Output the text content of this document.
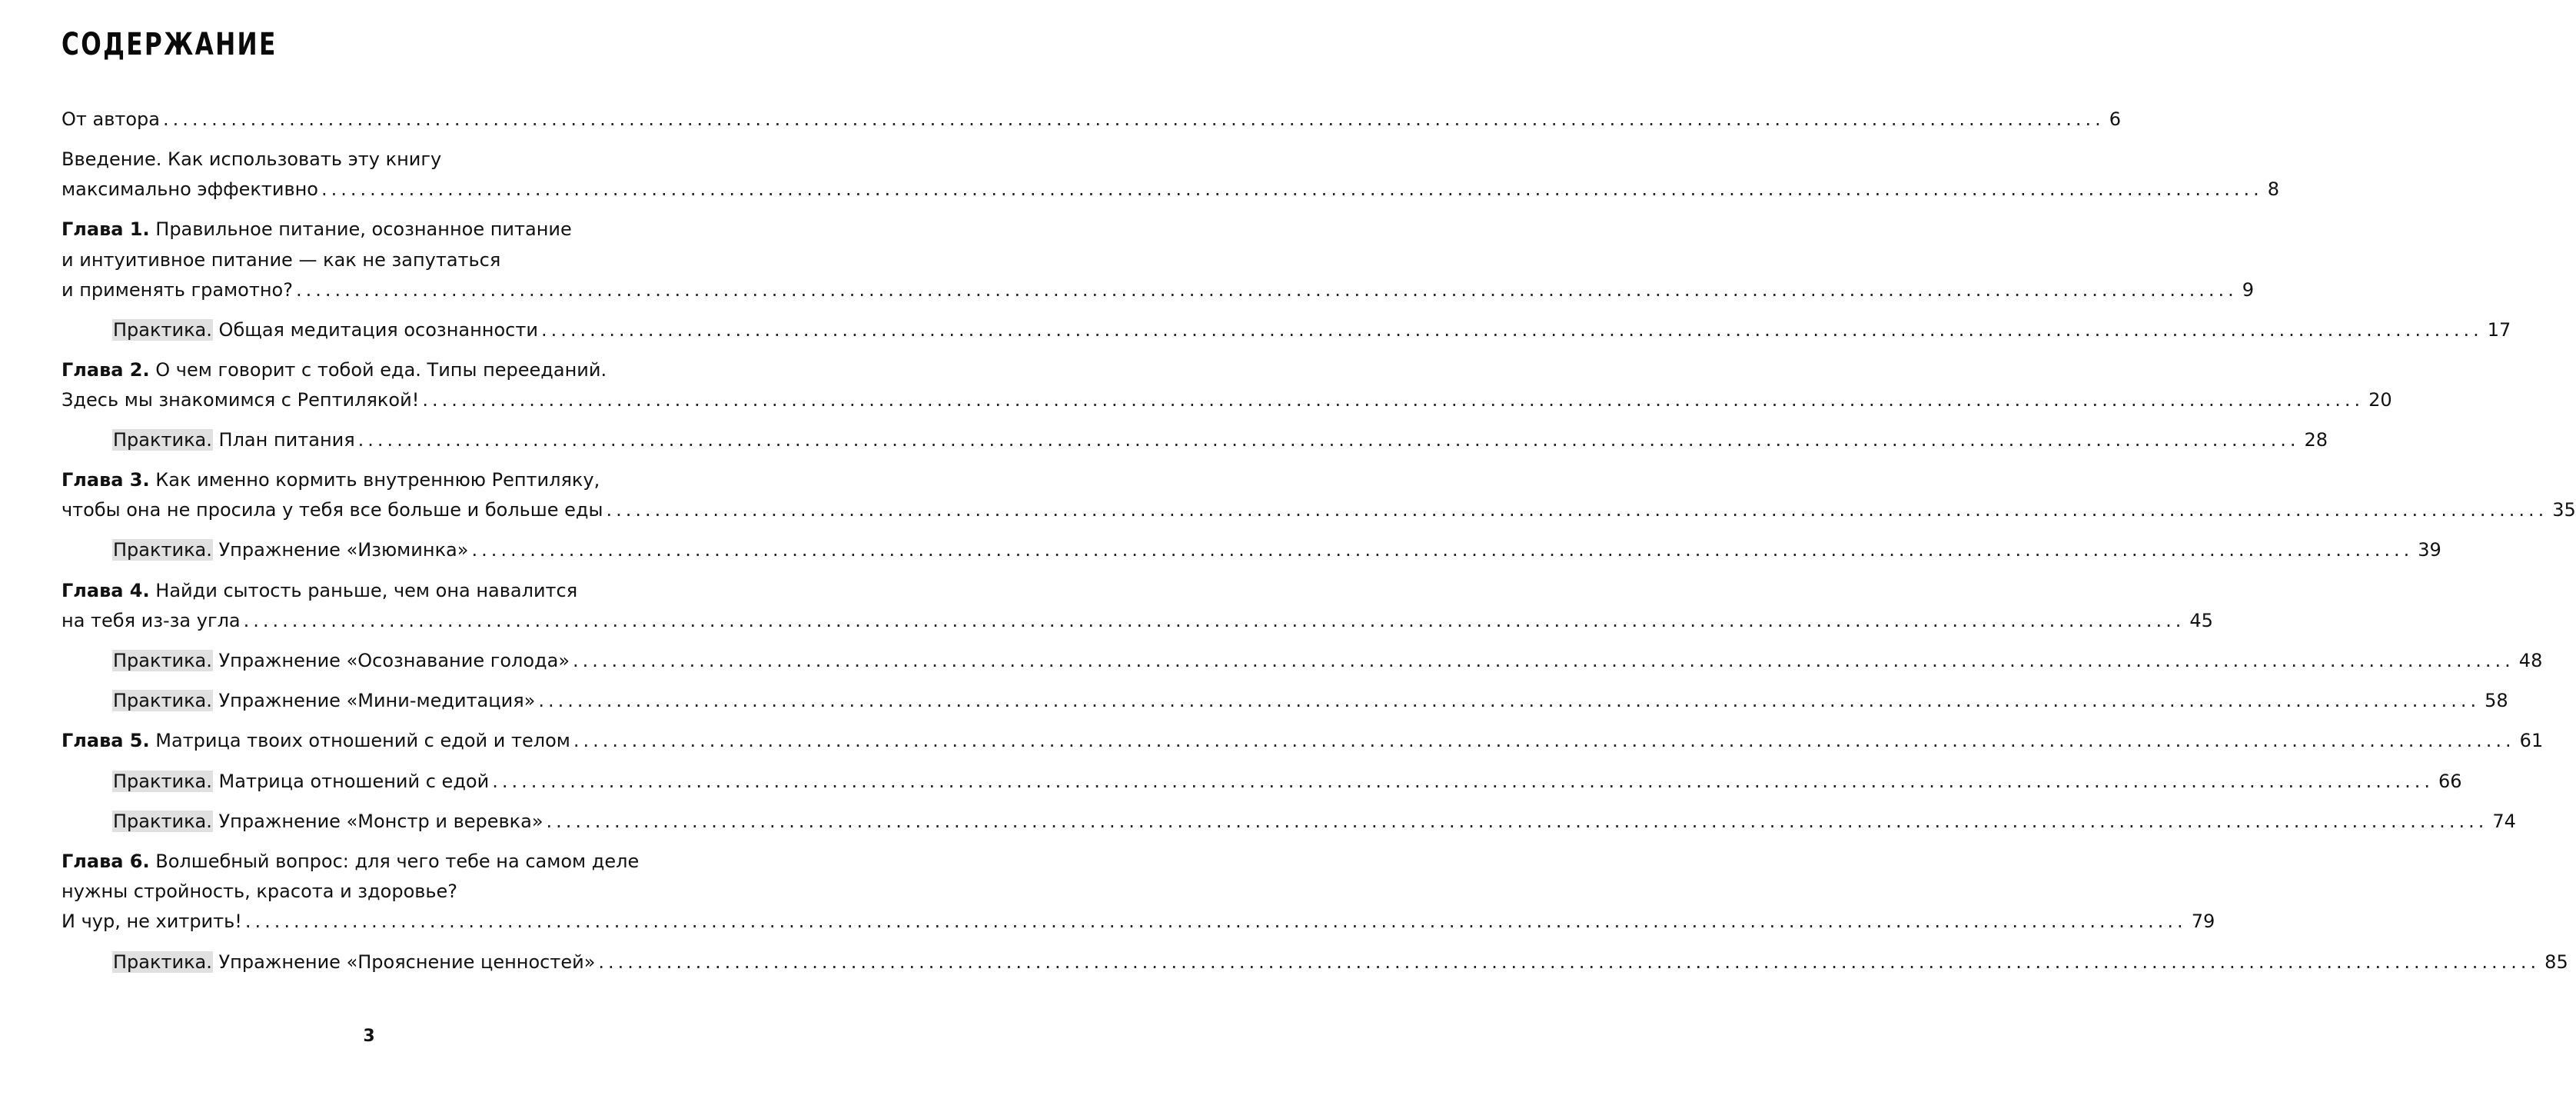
СОДЕРЖАНИЕ
От автора ........................................................................................................................................................................................................ 6
Введение. Как использовать эту книгу
максимально эффективно ........................................................................................................................................................................................................ 8
Глава 1. Правильное питание, осознанное питание
и интуитивное питание — как не запутаться
и применять грамотно? ........................................................................................................................................................................................................ 9
Практика. Общая медитация осознанности ........................................................................................................................................................................................................ 17
Глава 2. О чем говорит с тобой еда. Типы перееданий.
Здесь мы знакомимся с Рептилякой! ........................................................................................................................................................................................................ 20
Практика. План питания ........................................................................................................................................................................................................ 28
Глава 3. Как именно кормить внутреннюю Рептиляку,
чтобы она не просила у тебя все больше и больше еды ........................................................................................................................................................................................................ 35
Практика. Упражнение «Изюминка» ........................................................................................................................................................................................................ 39
Глава 4. Найди сытость раньше, чем она навалится
на тебя из-за угла ........................................................................................................................................................................................................ 45
Практика. Упражнение «Осознавание голода» ........................................................................................................................................................................................................ 48
Практика. Упражнение «Мини-медитация» ........................................................................................................................................................................................................ 58
Глава 5. Матрица твоих отношений с едой и телом ........................................................................................................................................................................................................ 61
Практика. Матрица отношений с едой ........................................................................................................................................................................................................ 66
Практика. Упражнение «Монстр и веревка» ........................................................................................................................................................................................................ 74
Глава 6. Волшебный вопрос: для чего тебе на самом деле
нужны стройность, красота и здоровье?
И чур, не хитрить! ........................................................................................................................................................................................................ 79
Практика. Упражнение «Прояснение ценностей» ........................................................................................................................................................................................................ 85
3
